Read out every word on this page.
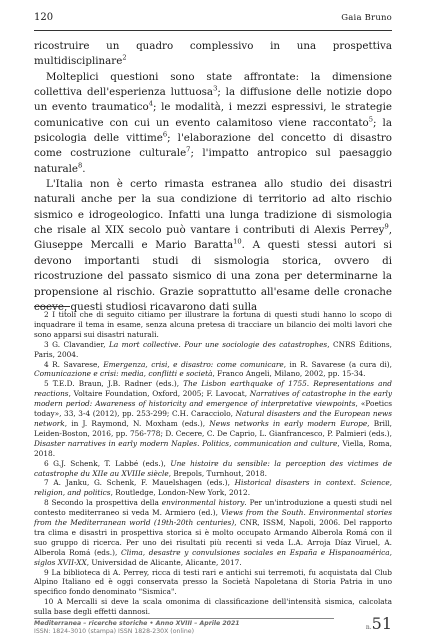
120	Gaia Bruno

ricostruire un quadro complessivo in una prospettiva multidisciplinare$^2$

Molteplici questioni sono state affrontate: la dimensione collettiva dell'esperienza luttuosa$^3$; la diffusione delle notizie dopo un evento traumatico$^4$; le modalità, i mezzi espressivi, le strategie comunicative con cui un evento calamitoso viene raccontato$^5$; la psicologia delle vittime$^6$; l'elaborazione del concetto di disastro come costruzione culturale$^7$; l'impatto antropico sul paesaggio naturale$^8$.

L'Italia non è certo rimasta estranea allo studio dei disastri naturali anche per la sua condizione di territorio ad alto rischio sismico e idrogeologico. Infatti una lunga tradizione di sismologia che risale al XIX secolo può vantare i contributi di Alexis Perrey$^9$, Giuseppe Mercalli e Mario Baratta$^{10}$. A questi stessi autori si devono importanti studi di sismologia storica, ovvero di ricostruzione del passato sismico di una zona per determinarne la propensione al rischio. Grazie soprattutto all'esame delle cronache coeve, questi studiosi ricavarono dati sulla

2 I titoli che di seguito citiamo per illustrare la fortuna di questi studi hanno lo scopo di inquadrare il tema in esame, senza alcuna pretesa di tracciare un bilancio dei molti lavori che sono apparsi sui disastri naturali.

3 G. Clavandier, La mort collective. Pour une sociologie des catastrophes, CNRS Éditions, Paris, 2004.

4 R. Savarese, Emergenza, crisi, e disastro: come comunicare, in R. Savarese (a cura di), Comunicazione e crisi: media, conflitti e società, Franco Angeli, Milano, 2002, pp. 15-34.

5 T.E.D. Braun, J.B. Radner (eds.), The Lisbon earthquake of 1755. Representations and reactions, Voltaire Foundation, Oxford, 2005; F. Lavocat, Narratives of catastrophe in the early modern period: Awareness of historicity and emergence of interpretative viewpoints, «Poetics today», 33, 3-4 (2012), pp. 253-299; C.H. Caracciolo, Natural disasters and the European news network, in J. Raymond, N. Moxham (eds.), News networks in early modern Europe, Brill, Leiden-Boston, 2016, pp. 756-778; D. Cecere, C. De Caprio, L. Gianfrancesco, P. Palmieri (eds.), Disaster narratives in early modern Naples. Politics, communication and culture, Viella, Roma, 2018.

6 G.J. Schenk, T. Labbé (eds.), Une histoire du sensible: la perception des victimes de catastrophe du XIIe au XVIIIe siècle, Brepols, Turnhout, 2018.

7 A. Janku, G. Schenk, F. Mauelshagen (eds.), Historical disasters in context. Science, religion, and politics, Routledge, London-New York, 2012.

8 Secondo la prospettiva della environmental history. Per un'introduzione a questi studi nel contesto mediterraneo si veda M. Armiero (ed.), Views from the South. Environmental stories from the Mediterranean world (19th-20th centuries), CNR, ISSM, Napoli, 2006. Del rapporto tra clima e disastri in prospettiva storica si è molto occupato Armando Alberola Romá con il suo gruppo di ricerca. Per uno dei risultati più recenti si veda L.A. Arroja Díaz Viruel, A. Alberola Romá (eds.), Clima, desastre y convulsiones sociales en España e Hispanoamérica, siglos XVII-XX, Universidad de Alicante, Alicante, 2017.

9 La biblioteca di A. Perrey, ricca di testi rari e antichi sui terremoti, fu acquistata dal Club Alpino Italiano ed è oggi conservata presso la Società Napoletana di Storia Patria in uno specifico fondo denominato "Sismica".

10 A Mercalli si deve la scala omonima di classificazione dell'intensità sismica, calcolata sulla base degli effetti dannosi.

Mediterranea – ricerche storiche • Anno XVIII – Aprile 2021
ISSN: 1824-3010 (stampa) ISSN 1828-230X (online)
n.51
